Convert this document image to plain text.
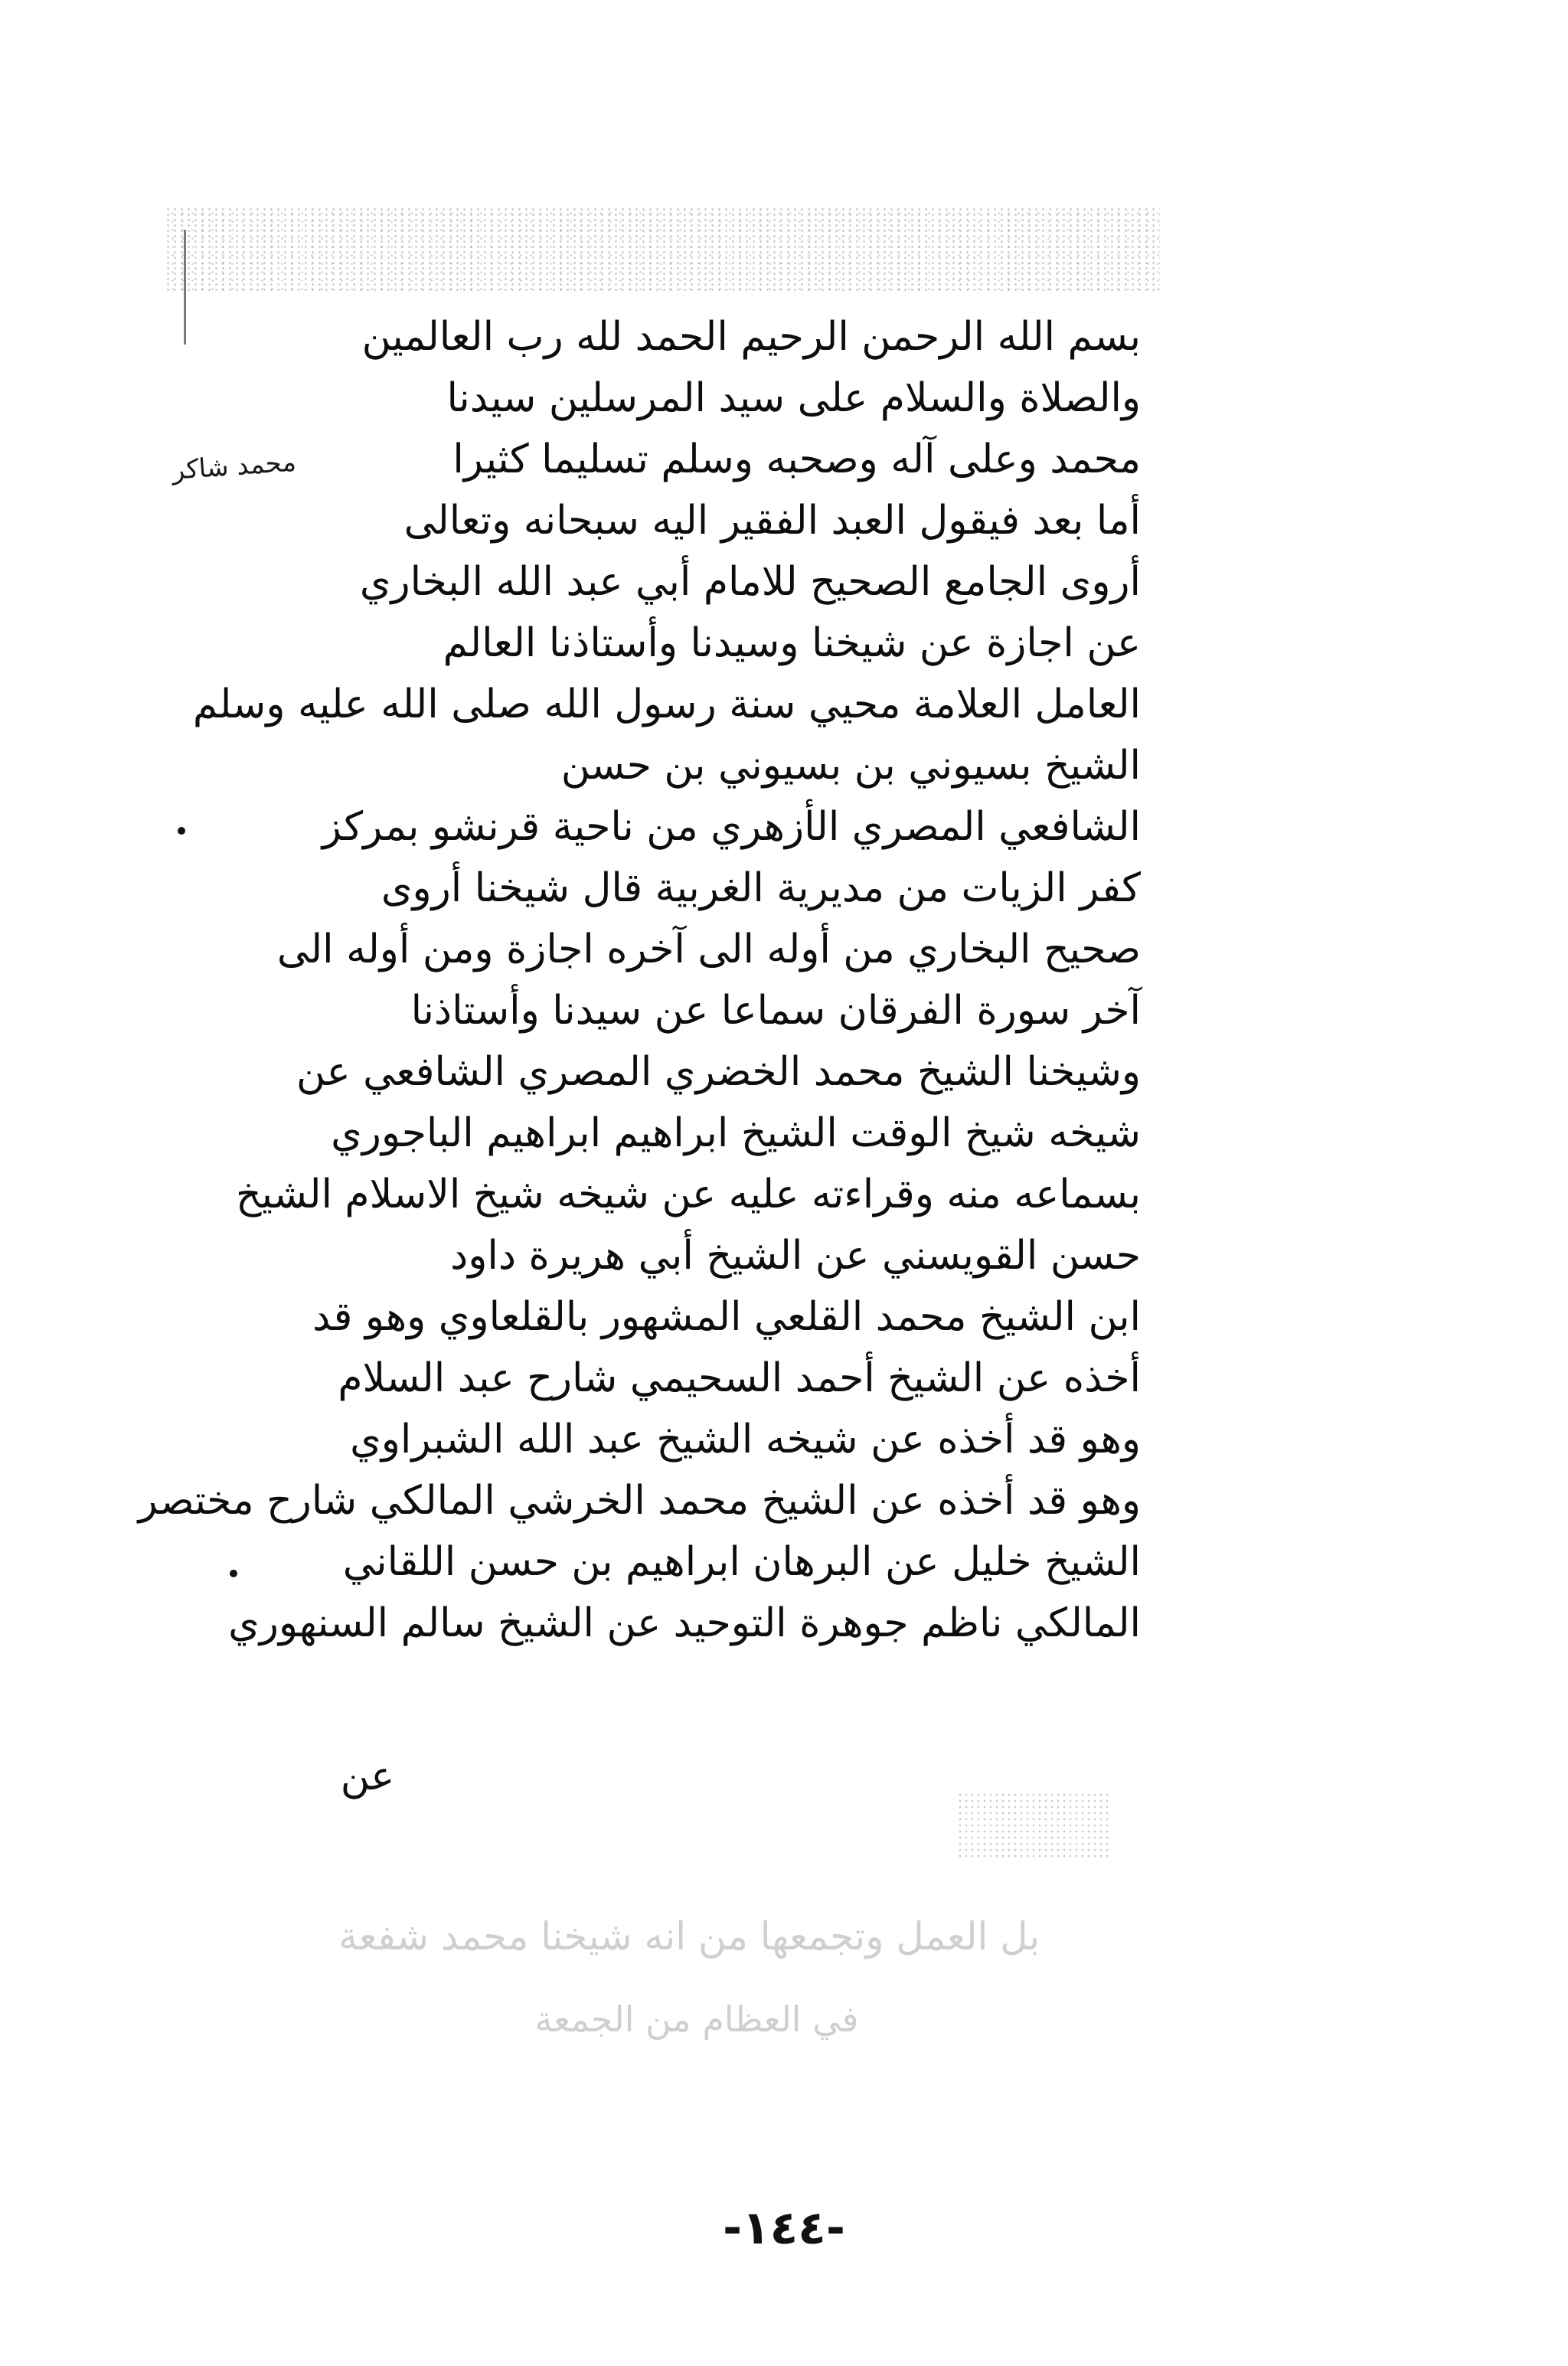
محمد شاكر
بسم الله الرحمن الرحيم الحمد لله رب العالمين
والصلاة والسلام على سيد المرسلين سيدنا
محمد وعلى آله وصحبه وسلم تسليما كثيرا
أما بعد فيقول العبد الفقير اليه سبحانه وتعالى
أروى الجامع الصحيح للامام أبي عبد الله البخاري
عن اجازة عن شيخنا وسيدنا وأستاذنا العالم
العامل العلامة محيي سنة رسول الله صلى الله عليه وسلم
الشيخ بسيوني بن بسيوني بن حسن
الشافعي المصري الأزهري من ناحية قرنشو بمركز
كفر الزيات من مديرية الغربية قال شيخنا أروى
صحيح البخاري من أوله الى آخره اجازة ومن أوله الى
آخر سورة الفرقان سماعا عن سيدنا وأستاذنا
وشيخنا الشيخ محمد الخضري المصري الشافعي عن
شيخه شيخ الوقت الشيخ ابراهيم ابراهيم الباجوري
بسماعه منه وقراءته عليه عن شيخه شيخ الاسلام الشيخ
حسن القويسني عن الشيخ أبي هريرة داود
ابن الشيخ محمد القلعي المشهور بالقلعاوي وهو قد
أخذه عن الشيخ أحمد السحيمي شارح عبد السلام
وهو قد أخذه عن شيخه الشيخ عبد الله الشبراوي
وهو قد أخذه عن الشيخ محمد الخرشي المالكي شارح مختصر
الشيخ خليل عن البرهان ابراهيم بن حسن اللقاني
المالكي ناظم جوهرة التوحيد عن الشيخ سالم السنهوري
عن
بل العمل وتجمعها من انه شيخنا محمد شفعة
في العظام من الجمعة
-١٤٤-
